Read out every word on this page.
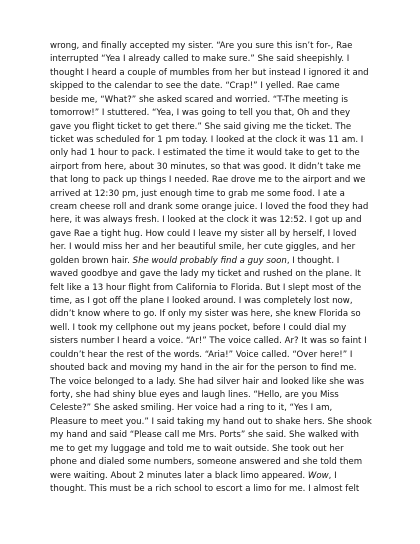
wrong, and finally accepted my sister. “Are you sure this isn’t for-, Rae
interrupted “Yea I already called to make sure.” She said sheepishly. I
thought I heard a couple of mumbles from her but instead I ignored it and
skipped to the calendar to see the date. “Crap!” I yelled. Rae came
beside me, “What?” she asked scared and worried. “T-The meeting is
tomorrow!” I stuttered. “Yea, I was going to tell you that, Oh and they
gave you flight ticket to get there.” She said giving me the ticket. The
ticket was scheduled for 1 pm today. I looked at the clock it was 11 am. I
only had 1 hour to pack. I estimated the time it would take to get to the
airport from here, about 30 minutes, so that was good. It didn’t take me
that long to pack up things I needed. Rae drove me to the airport and we
arrived at 12:30 pm, just enough time to grab me some food. I ate a
cream cheese roll and drank some orange juice. I loved the food they had
here, it was always fresh. I looked at the clock it was 12:52. I got up and
gave Rae a tight hug. How could I leave my sister all by herself, I loved
her. I would miss her and her beautiful smile, her cute giggles, and her
golden brown hair. She would probably find a guy soon, I thought. I
waved goodbye and gave the lady my ticket and rushed on the plane. It
felt like a 13 hour flight from California to Florida. But I slept most of the
time, as I got off the plane I looked around. I was completely lost now,
didn’t know where to go. If only my sister was here, she knew Florida so
well. I took my cellphone out my jeans pocket, before I could dial my
sisters number I heard a voice. “Ar!” The voice called. Ar? It was so faint I
couldn’t hear the rest of the words. “Aria!” Voice called. “Over here!” I
shouted back and moving my hand in the air for the person to find me.
The voice belonged to a lady. She had silver hair and looked like she was
forty, she had shiny blue eyes and laugh lines. “Hello, are you Miss
Celeste?” She asked smiling. Her voice had a ring to it, “Yes I am,
Pleasure to meet you.” I said taking my hand out to shake hers. She shook
my hand and said “Please call me Mrs. Ports” she said. She walked with
me to get my luggage and told me to wait outside. She took out her
phone and dialed some numbers, someone answered and she told them
were waiting. About 2 minutes later a black limo appeared. Wow, I
thought. This must be a rich school to escort a limo for me. I almost felt
